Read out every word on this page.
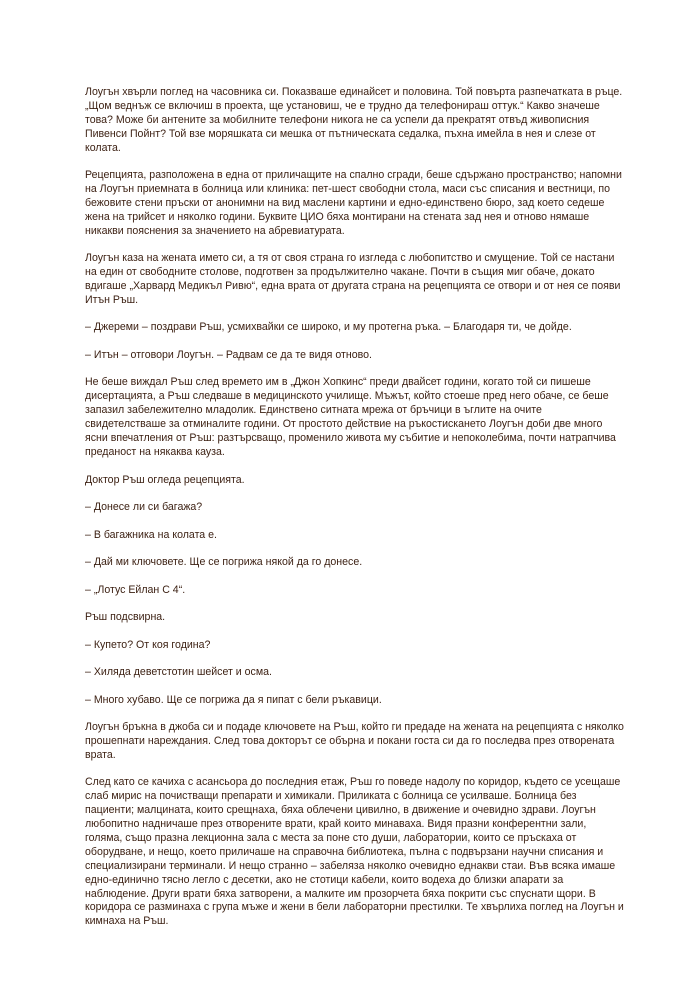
Лоугън хвърли поглед на часовника си. Показваше единайсет и половина. Той повърта разпечатката в ръце. „Щом веднъж се включиш в проекта, ще установиш, че е трудно да телефонираш оттук.“ Какво значеше това? Може би антените за мобилните телефони никога не са успели да прекратят отвъд живописния Пивенси Пойнт? Той взе моряшката си мешка от пътническата седалка, пъхна имейла в нея и слезе от колата.

Рецепцията, разположена в една от приличащите на спално сгради, беше сдържано пространство; напомни на Лоугън приемната в болница или клиника: пет-шест свободни стола, маси със списания и вестници, по бежовите стени пръски от анонимни на вид маслени картини и едно-единствено бюро, зад което седеше жена на трийсет и няколко години. Буквите ЦИО бяха монтирани на стената зад нея и отново нямаше никакви пояснения за значението на абревиатурата.

Лоугън каза на жената името си, а тя от своя страна го изгледа с любопитство и смущение. Той се настани на един от свободните столове, подготвен за продължително чакане. Почти в същия миг обаче, докато вдигаше „Харвард Медикъл Ривю“, една врата от другата страна на рецепцията се отвори и от нея се появи Итън Ръш.

– Джереми – поздрави Ръш, усмихвайки се широко, и му протегна ръка. – Благодаря ти, че дойде.

– Итън – отговори Лоугън. – Радвам се да те видя отново.

Не беше виждал Ръш след времето им в „Джон Хопкинс“ преди двайсет години, когато той си пишеше дисертацията, а Ръш следваше в медицинското училище. Мъжът, който стоеше пред него обаче, се беше запазил забележително младолик. Единствено ситната мрежа от бръчици в ъглите на очите свидетелстваше за отминалите години. От простото действие на ръкостискането Лоугън доби две много ясни впечатления от Ръш: разтърсващо, променило живота му събитие и непоколебима, почти натрапчива преданост на някаква кауза.

Доктор Ръш огледа рецепцията.

– Донесе ли си багажа?

– В багажника на колата е.

– Дай ми ключовете. Ще се погрижа някой да го донесе.

– „Лотус Ейлан С 4“.

Ръш подсвирна.

– Купето? От коя година?

– Хиляда деветстотин шейсет и осма.

– Много хубаво. Ще се погрижа да я пипат с бели ръкавици.

Лоугън бръкна в джоба си и подаде ключовете на Ръш, който ги предаде на жената на рецепцията с няколко прошепнати нареждания. След това докторът се обърна и покани госта си да го последва през отворената врата.

След като се качиха с асансьора до последния етаж, Ръш го поведе надолу по коридор, където се усещаше слаб мирис на почистващи препарати и химикали. Приликата с болница се усилваше. Болница без пациенти; малцината, които срещнаха, бяха облечени цивилно, в движение и очевидно здрави. Лоугън любопитно надничаше през отворените врати, край които минаваха. Видя празни конферентни зали, голяма, също празна лекционна зала с места за поне сто души, лаборатории, които се пръскаха от оборудване, и нещо, което приличаше на справочна библиотека, пълна с подвързани научни списания и специализирани терминали. И нещо странно – забеляза няколко очевидно еднакви стаи. Във всяка имаше едно-единично тясно легло с десетки, ако не стотици кабели, които водеха до близки апарати за наблюдение. Други врати бяха затворени, а малките им прозорчета бяха покрити със спуснати щори. В коридора се разминаха с група мъже и жени в бели лабораторни престилки. Те хвърлиха поглед на Лоугън и кимнаха на Ръш.
